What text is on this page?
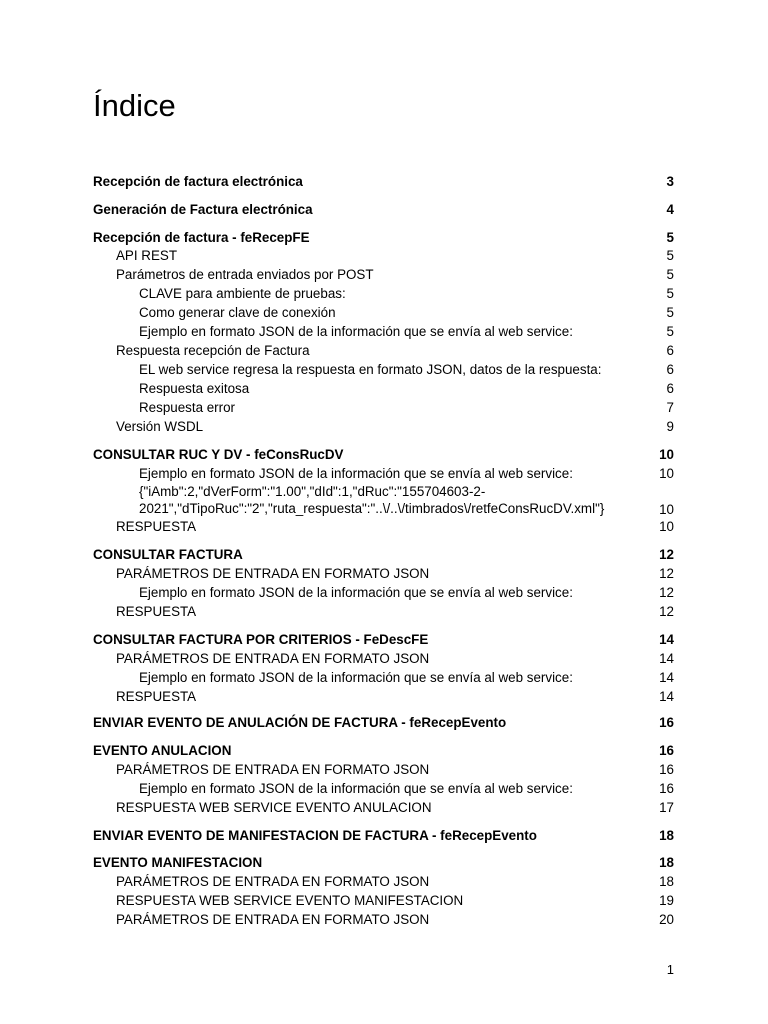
Índice
Recepción de factura electrónica	3
Generación de Factura electrónica	4
Recepción de factura - feRecepFE	5
API REST	5
Parámetros de entrada enviados por POST	5
CLAVE para ambiente de pruebas:	5
Como generar clave de conexión	5
Ejemplo en formato JSON de la información que se envía al web service:	5
Respuesta recepción de Factura	6
EL web service regresa la respuesta en formato JSON, datos de la respuesta:	6
Respuesta exitosa	6
Respuesta error	7
Versión WSDL	9
CONSULTAR RUC Y DV - feConsRucDV	10
Ejemplo en formato JSON de la información que se envía al web service:	10
{"iAmb":2,"dVerForm":"1.00","dId":1,"dRuc":"155704603-2-2021","dTipoRuc":"2","ruta_respuesta":"..\/..\/timbrados\/retfeConsRucDV.xml"}	10
RESPUESTA	10
CONSULTAR FACTURA	12
PARÁMETROS DE ENTRADA EN FORMATO JSON	12
Ejemplo en formato JSON de la información que se envía al web service:	12
RESPUESTA	12
CONSULTAR FACTURA POR CRITERIOS - FeDescFE	14
PARÁMETROS DE ENTRADA EN FORMATO JSON	14
Ejemplo en formato JSON de la información que se envía al web service:	14
RESPUESTA	14
ENVIAR EVENTO DE ANULACIÓN DE FACTURA - feRecepEvento	16
EVENTO ANULACION	16
PARÁMETROS DE ENTRADA EN FORMATO JSON	16
Ejemplo en formato JSON de la información que se envía al web service:	16
RESPUESTA WEB SERVICE EVENTO ANULACION	17
ENVIAR EVENTO DE MANIFESTACION DE FACTURA - feRecepEvento	18
EVENTO MANIFESTACION	18
PARÁMETROS DE ENTRADA EN FORMATO JSON	18
RESPUESTA WEB SERVICE EVENTO MANIFESTACION	19
PARÁMETROS DE ENTRADA EN FORMATO JSON	20
1
